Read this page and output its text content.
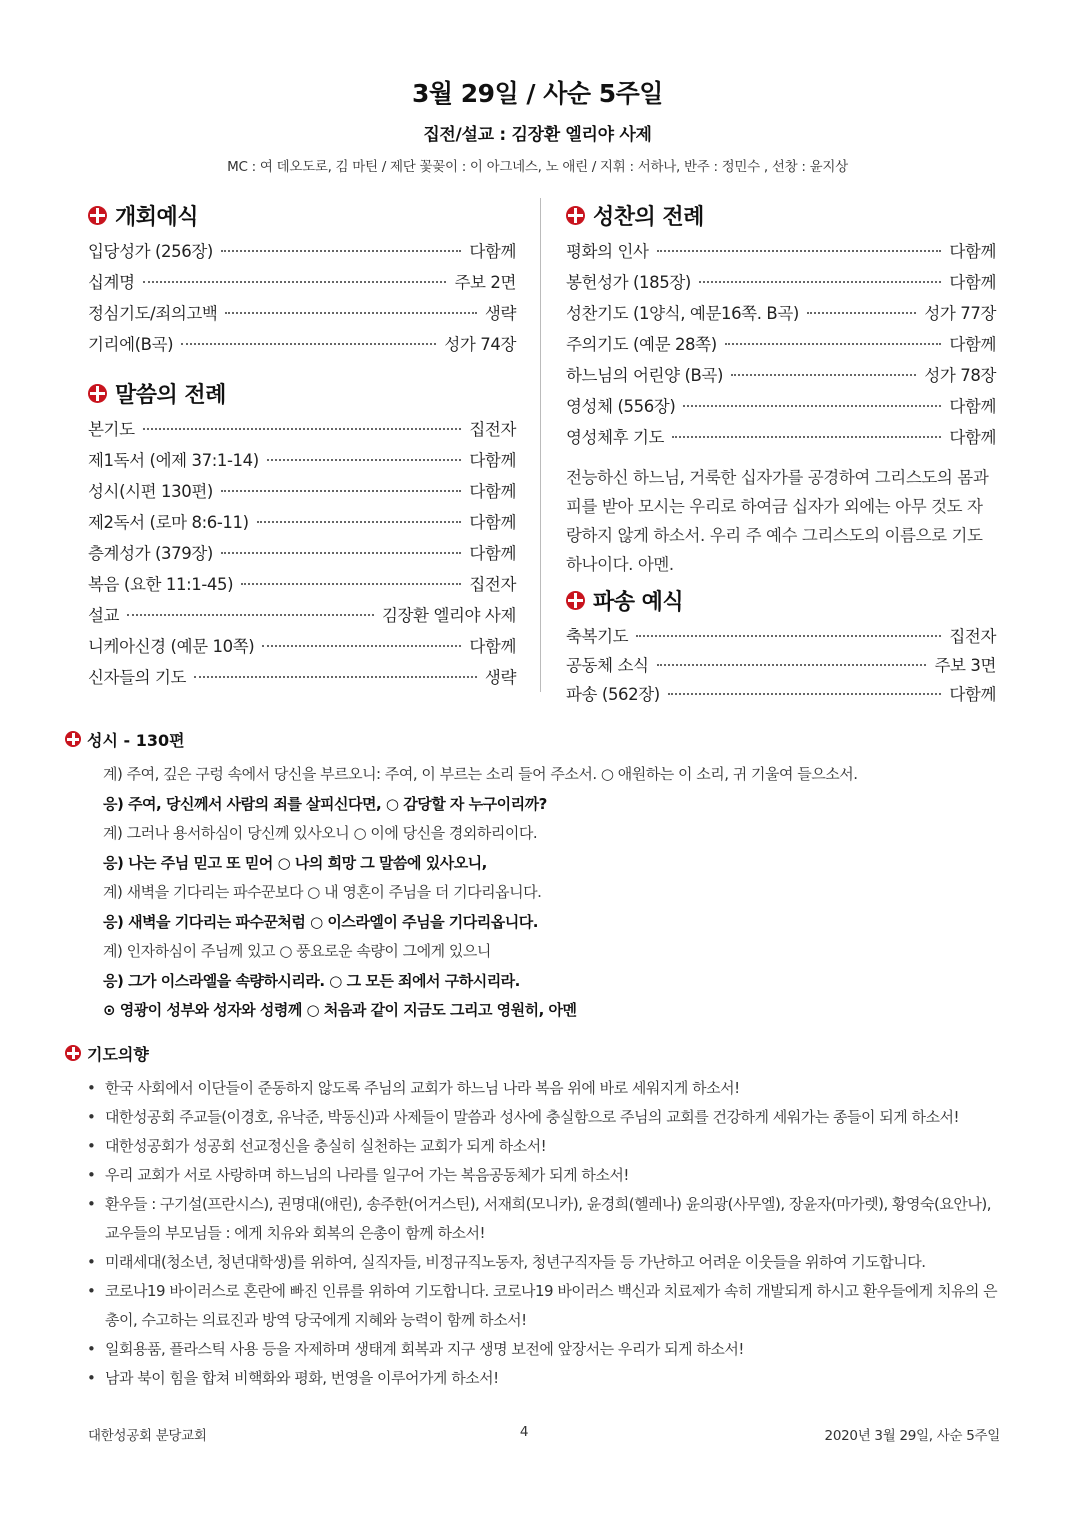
3월 29일 / 사순 5주일
집전/설교 : 김장환 엘리야 사제
MC : 여 데오도로, 김 마틴 / 제단 꽃꽂이 : 이 아그네스, 노 애린 / 지휘 : 서하나, 반주 : 정민수 , 선창 : 윤지상
개회예식
입당성가 (256장)	다함께
십계명	주보 2면
정심기도/죄의고백	생략
기리에(B곡)	성가 74장
말씀의 전례
본기도	집전자
제1독서 (에제 37:1-14)	다함께
성시(시편 130편)	다함께
제2독서 (로마 8:6-11)	다함께
층계성가 (379장)	다함께
복음 (요한 11:1-45)	집전자
설교	김장환 엘리야 사제
니케아신경 (예문 10쪽)	다함께
신자들의 기도	생략
성찬의 전례
평화의 인사	다함께
봉헌성가 (185장)	다함께
성찬기도 (1양식, 예문16쪽. B곡)	성가 77장
주의기도 (예문 28쪽)	다함께
하느님의 어린양 (B곡)	성가 78장
영성체 (556장)	다함께
영성체후 기도	다함께
전능하신 하느님, 거룩한 십자가를 공경하여 그리스도의 몸과 피를 받아 모시는 우리로 하여금 십자가 외에는 아무 것도 자랑하지 않게 하소서. 우리 주 예수 그리스도의 이름으로 기도하나이다. 아멘.
파송 예식
축복기도	집전자
공동체 소식	주보 3면
파송 (562장)	다함께
성시 - 130편
계) 주여, 깊은 구렁 속에서 당신을 부르오니: 주여, 이 부르는 소리 들어 주소서. ○ 애원하는 이 소리, 귀 기울여 들으소서.
응) 주여, 당신께서 사람의 죄를 살피신다면, ○ 감당할 자 누구이리까?
계) 그러나 용서하심이 당신께 있사오니 ○ 이에 당신을 경외하리이다.
응) 나는 주님 믿고 또 믿어 ○ 나의 희망 그 말씀에 있사오니,
계) 새벽을 기다리는 파수꾼보다 ○ 내 영혼이 주님을 더 기다리옵니다.
응) 새벽을 기다리는 파수꾼처럼 ○ 이스라엘이 주님을 기다리옵니다.
계) 인자하심이 주님께 있고 ○ 풍요로운 속량이 그에게 있으니
응) 그가 이스라엘을 속량하시리라. ○ 그 모든 죄에서 구하시리라.
⊙ 영광이 성부와 성자와 성령께 ○ 처음과 같이 지금도 그리고 영원히, 아멘
기도의향
• 한국 사회에서 이단들이 준동하지 않도록 주님의 교회가 하느님 나라 복음 위에 바로 세워지게 하소서!
• 대한성공회 주교들(이경호, 유낙준, 박동신)과 사제들이 말씀과 성사에 충실함으로 주님의 교회를 건강하게 세워가는 종들이 되게 하소서!
• 대한성공회가 성공회 선교정신을 충실히 실천하는 교회가 되게 하소서!
• 우리 교회가 서로 사랑하며 하느님의 나라를 일구어 가는 복음공동체가 되게 하소서!
• 환우들 : 구기설(프란시스), 권명대(애린), 송주한(어거스틴), 서재희(모니카), 윤경희(헬레나) 윤의광(사무엘), 장윤자(마가렛), 황영숙(요안나), 교우들의 부모님들 : 에게 치유와 회복의 은총이 함께 하소서!
• 미래세대(청소년, 청년대학생)를 위하여, 실직자들, 비정규직노동자, 청년구직자들 등 가난하고 어려운 이웃들을 위하여 기도합니다.
• 코로나19 바이러스로 혼란에 빠진 인류를 위하여 기도합니다. 코로나19 바이러스 백신과 치료제가 속히 개발되게 하시고 환우들에게 치유의 은총이, 수고하는 의료진과 방역 당국에게 지혜와 능력이 함께 하소서!
• 일회용품, 플라스틱 사용 등을 자제하며 생태계 회복과 지구 생명 보전에 앞장서는 우리가 되게 하소서!
• 남과 북이 힘을 합쳐 비핵화와 평화, 번영을 이루어가게 하소서!
대한성공회 분당교회	4	2020년 3월 29일, 사순 5주일
